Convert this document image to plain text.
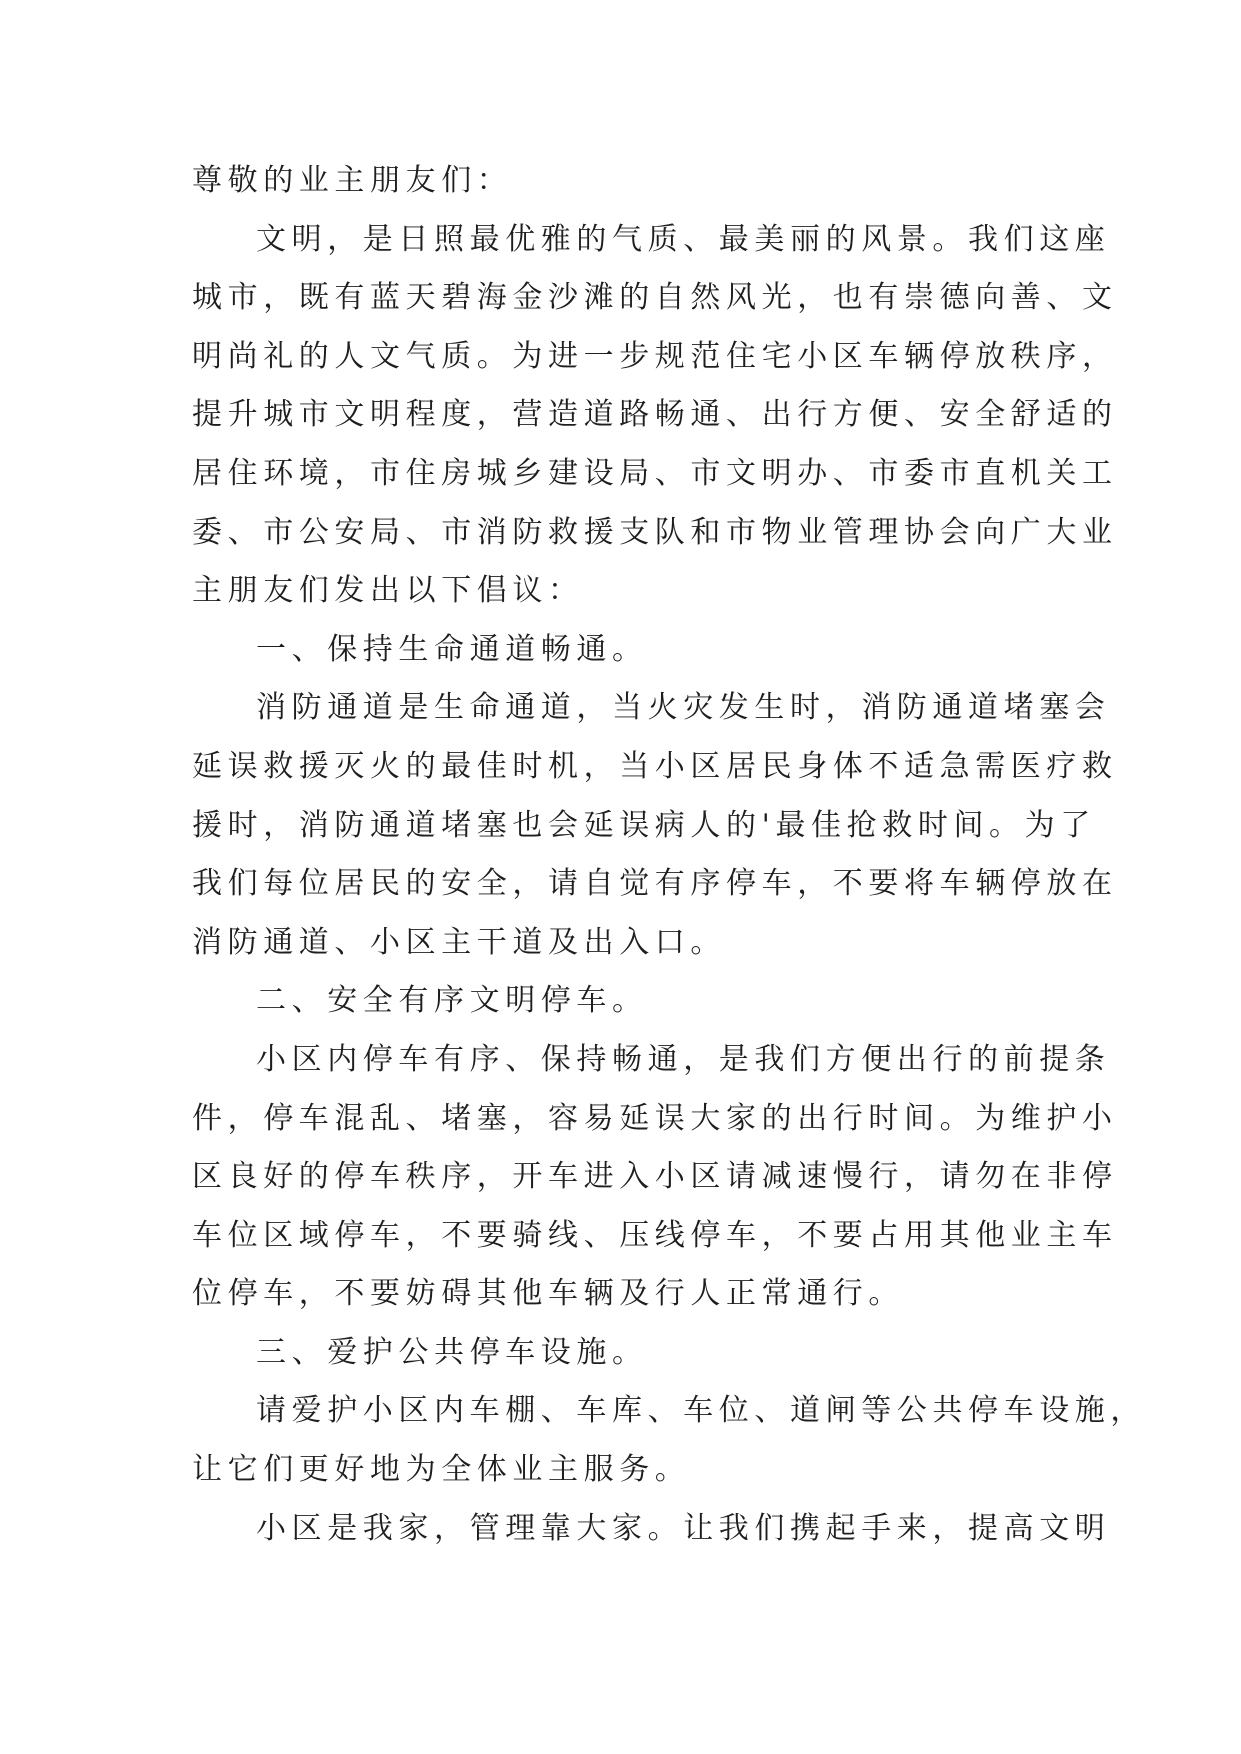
尊敬的业主朋友们：
文明，是日照最优雅的气质、最美丽的风景。我们这座
城市，既有蓝天碧海金沙滩的自然风光，也有崇德向善、文
明尚礼的人文气质。为进一步规范住宅小区车辆停放秩序，
提升城市文明程度，营造道路畅通、出行方便、安全舒适的
居住环境，市住房城乡建设局、市文明办、市委市直机关工
委、市公安局、市消防救援支队和市物业管理协会向广大业
主朋友们发出以下倡议：
一、保持生命通道畅通。
消防通道是生命通道，当火灾发生时，消防通道堵塞会
延误救援灭火的最佳时机，当小区居民身体不适急需医疗救
援时，消防通道堵塞也会延误病人的'最佳抢救时间。为了
我们每位居民的安全，请自觉有序停车，不要将车辆停放在
消防通道、小区主干道及出入口。
二、安全有序文明停车。
小区内停车有序、保持畅通，是我们方便出行的前提条
件，停车混乱、堵塞，容易延误大家的出行时间。为维护小
区良好的停车秩序，开车进入小区请减速慢行，请勿在非停
车位区域停车，不要骑线、压线停车，不要占用其他业主车
位停车，不要妨碍其他车辆及行人正常通行。
三、爱护公共停车设施。
请爱护小区内车棚、车库、车位、道闸等公共停车设施，
让它们更好地为全体业主服务。
小区是我家，管理靠大家。让我们携起手来，提高文明
